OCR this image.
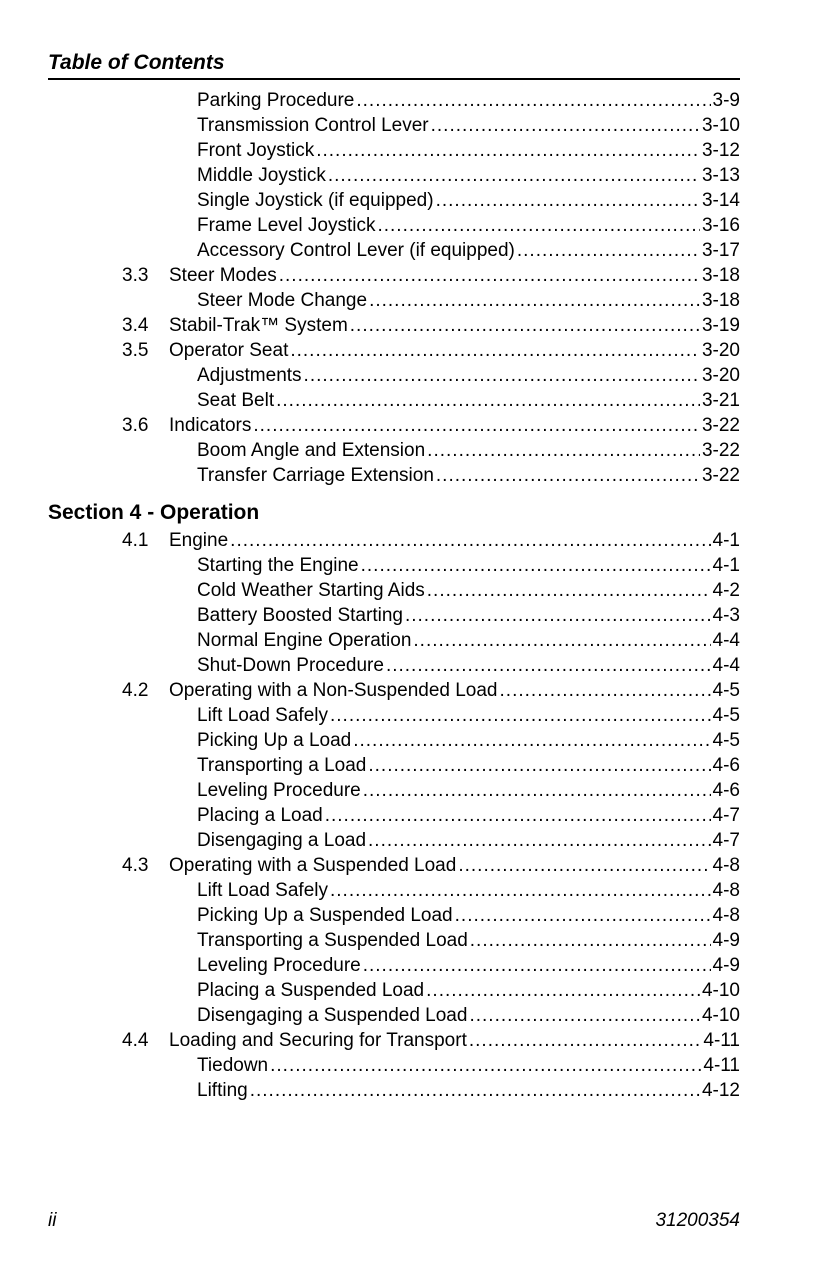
Table of Contents
Parking Procedure .....	3-9
Transmission Control Lever .....	3-10
Front Joystick .....	3-12
Middle Joystick .....	3-13
Single Joystick (if equipped) .....	3-14
Frame Level Joystick .....	3-16
Accessory Control Lever (if equipped) .....	3-17
3.3	Steer Modes .....	3-18
Steer Mode Change .....	3-18
3.4	Stabil-Trak™ System .....	3-19
3.5	Operator Seat .....	3-20
Adjustments .....	3-20
Seat Belt .....	3-21
3.6	Indicators .....	3-22
Boom Angle and Extension .....	3-22
Transfer Carriage Extension .....	3-22
Section 4 - Operation
4.1	Engine .....	4-1
Starting the Engine .....	4-1
Cold Weather Starting Aids .....	4-2
Battery Boosted Starting .....	4-3
Normal Engine Operation .....	4-4
Shut-Down Procedure .....	4-4
4.2	Operating with a Non-Suspended Load .....	4-5
Lift Load Safely .....	4-5
Picking Up a Load .....	4-5
Transporting a Load .....	4-6
Leveling Procedure .....	4-6
Placing a Load .....	4-7
Disengaging a Load .....	4-7
4.3	Operating with a Suspended Load .....	4-8
Lift Load Safely .....	4-8
Picking Up a Suspended Load .....	4-8
Transporting a Suspended Load .....	4-9
Leveling Procedure .....	4-9
Placing a Suspended Load .....	4-10
Disengaging a Suspended Load .....	4-10
4.4	Loading and Securing for Transport .....	4-11
Tiedown .....	4-11
Lifting .....	4-12
ii	31200354
